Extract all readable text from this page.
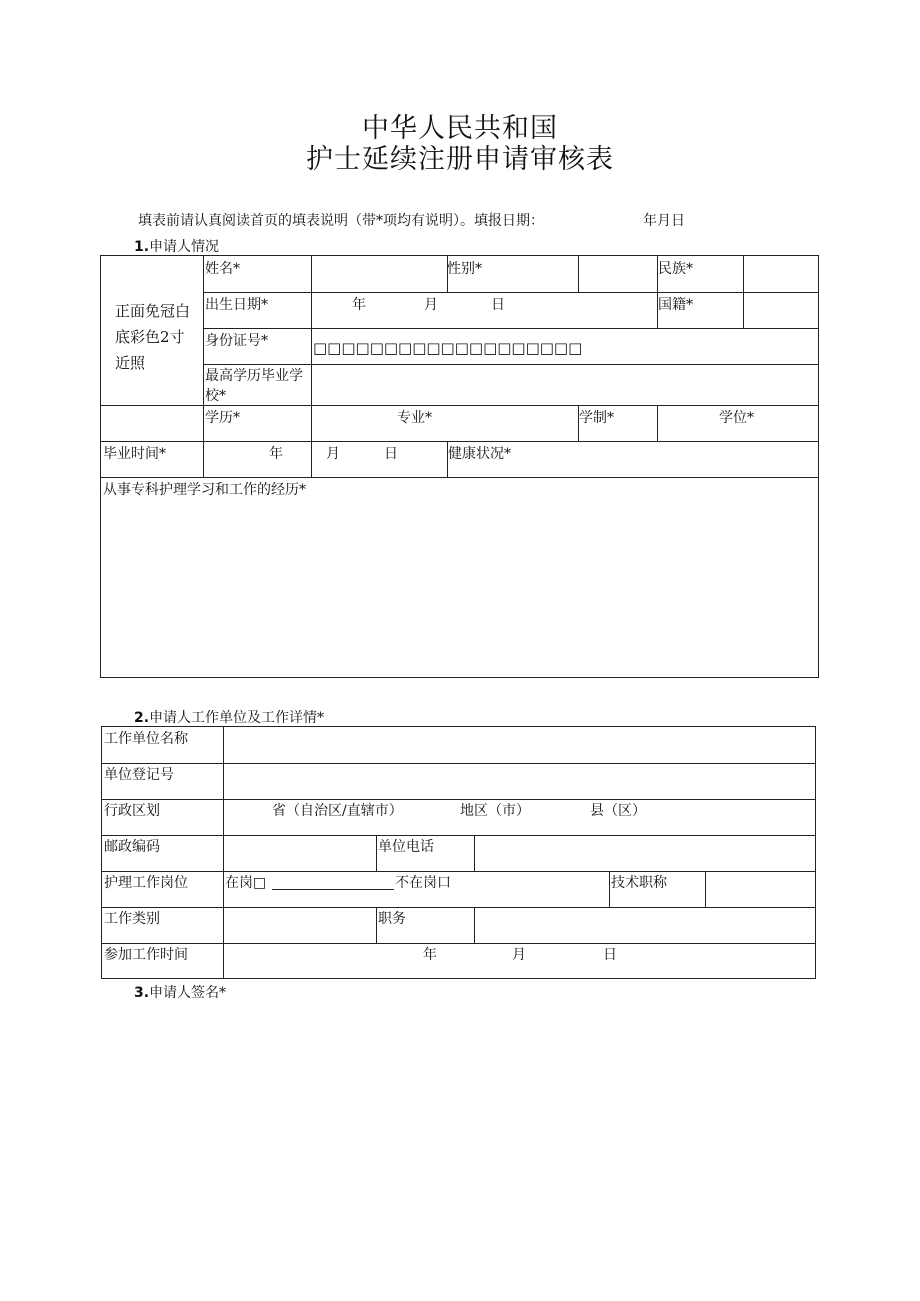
中华人民共和国
护士延续注册申请审核表
填表前请认真阅读首页的填表说明（带*项均有说明）。填报日期：	年月日
1.申请人情况
正面免冠白底彩色2寸近照
姓名*	性别*	民族*
出生日期*	年	月	日	国籍*
身份证号*	□□□□□□□□□□□□□□□□□□□
最高学历毕业学校*
学历*	专业*	学制*	学位*
毕业时间*	年	月	日	健康状况*
从事专科护理学习和工作的经历*
2.申请人工作单位及工作详情*
工作单位名称
单位登记号
行政区划	省（自治区/直辖市）	地区（市）	县（区）
邮政编码	单位电话
护理工作岗位	在岗□	不在岗口	技术职称
工作类别	职务
参加工作时间	年	月	日
3.申请人签名*
